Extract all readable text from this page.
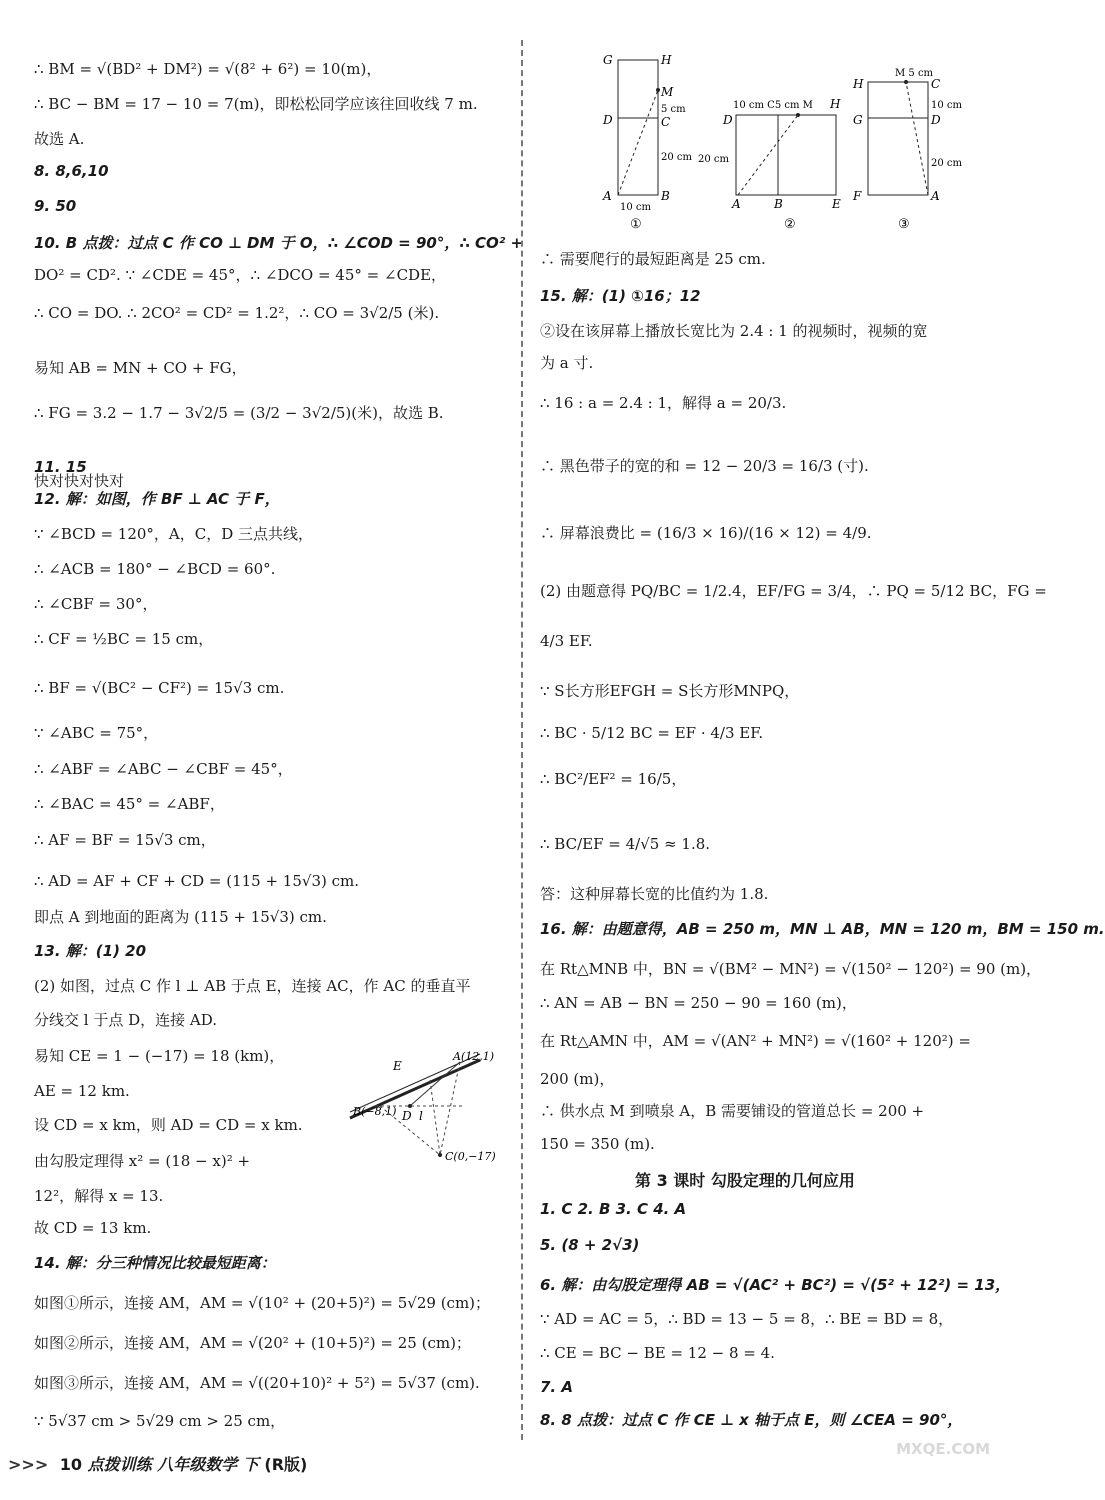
∴ BM = √(BD² + DM²) = √(8² + 6²) = 10(m)，
∴ BC − BM = 17 − 10 = 7(m)，即松松同学应该往回收线 7 m.
故选 A.
8. 8,6,10
9. 50
10. B 点拨：过点 C 作 CO ⊥ DM 于 O，∴ ∠COD = 90°，∴ CO² +
DO² = CD². ∵ ∠CDE = 45°，∴ ∠DCO = 45° = ∠CDE，
∴ CO = DO. ∴ 2CO² = CD² = 1.2²，∴ CO = 3√2/5 (米).
易知 AB = MN + CO + FG，
∴ FG = 3.2 − 1.7 − 3√2/5 = (3/2 − 3√2/5)(米)，故选 B.
11. 15
快对快对快对
12. 解：如图，作 BF ⊥ AC 于 F，
∵ ∠BCD = 120°，A，C，D 三点共线，
∴ ∠ACB = 180° − ∠BCD = 60°.
∴ ∠CBF = 30°，
∴ CF = ½BC = 15 cm，
∴ BF = √(BC² − CF²) = 15√3 cm.
∵ ∠ABC = 75°，
∴ ∠ABF = ∠ABC − ∠CBF = 45°，
∴ ∠BAC = 45° = ∠ABF，
∴ AF = BF = 15√3 cm，
∴ AD = AF + CF + CD = (115 + 15√3) cm.
即点 A 到地面的距离为 (115 + 15√3) cm.
13. 解：(1) 20
(2) 如图，过点 C 作 l ⊥ AB 于点 E，连接 AC，作 AC 的垂直平
分线交 l 于点 D，连接 AD.
易知 CE = 1 − (−17) = 18 (km)，
AE = 12 km.
设 CD = x km，则 AD = CD = x km.
由勾股定理得 x² = (18 − x)² +
12²，解得 x = 13.
故 CD = 13 km.
14. 解：分三种情况比较最短距离：
如图①所示，连接 AM，AM = √(10² + (20+5)²) = 5√29 (cm)；
如图②所示，连接 AM，AM = √(20² + (10+5)²) = 25 (cm)；
如图③所示，连接 AM，AM = √((20+10)² + 5²) = 5√37 (cm).
∵ 5√37 cm > 5√29 cm > 25 cm，
∴ 需要爬行的最短距离是 25 cm.
15. 解：(1) ①16；12
②设在该屏幕上播放长宽比为 2.4 : 1 的视频时，视频的宽
为 a 寸.
∴ 16 : a = 2.4 : 1，解得 a = 20/3.
∴ 黑色带子的宽的和 = 12 − 20/3 = 16/3 (寸).
∴ 屏幕浪费比 = (16/3 × 16)/(16 × 12) = 4/9.
(2) 由题意得 PQ/BC = 1/2.4，EF/FG = 3/4，∴ PQ = 5/12 BC，FG =
4/3 EF.
∵ S长方形EFGH = S长方形MNPQ，
∴ BC · 5/12 BC = EF · 4/3 EF.
∴ BC²/EF² = 16/5，
∴ BC/EF = 4/√5 ≈ 1.8.
答：这种屏幕长宽的比值约为 1.8.
16. 解：由题意得，AB = 250 m，MN ⊥ AB，MN = 120 m，BM = 150 m.
在 Rt△MNB 中，BN = √(BM² − MN²) = √(150² − 120²) = 90 (m)，
∴ AN = AB − BN = 250 − 90 = 160 (m)，
在 Rt△AMN 中，AM = √(AN² + MN²) = √(160² + 120²) =
200 (m)，
∴ 供水点 M 到喷泉 A，B 需要铺设的管道总长 = 200 +
150 = 350 (m).
第 3 课时 勾股定理的几何应用
1. C 2. B 3. C 4. A
5. (8 + 2√3)
6. 解：由勾股定理得 AB = √(AC² + BC²) = √(5² + 12²) = 13，
∵ AD = AC = 5，∴ BD = 13 − 5 = 8，∴ BE = BD = 8，
∴ CE = BC − BE = 12 − 8 = 4.
7. A
8. 8 点拨：过点 C 作 CE ⊥ x 轴于点 E，则 ∠CEA = 90°，
E
A(12,1)
B(−8,1) D l
C(0,−17)
G	H
M
5 cm
D	C
20 cm
A	B
10 cm
①
10 cm C5 cm M H
D
20 cm
A	B	E
②
H
M 5 cm
C
10 cm
G	D
20 cm
F	A
③
>>> 10 点拨训练 八年级数学 下 (R版)
MXQE.COM
